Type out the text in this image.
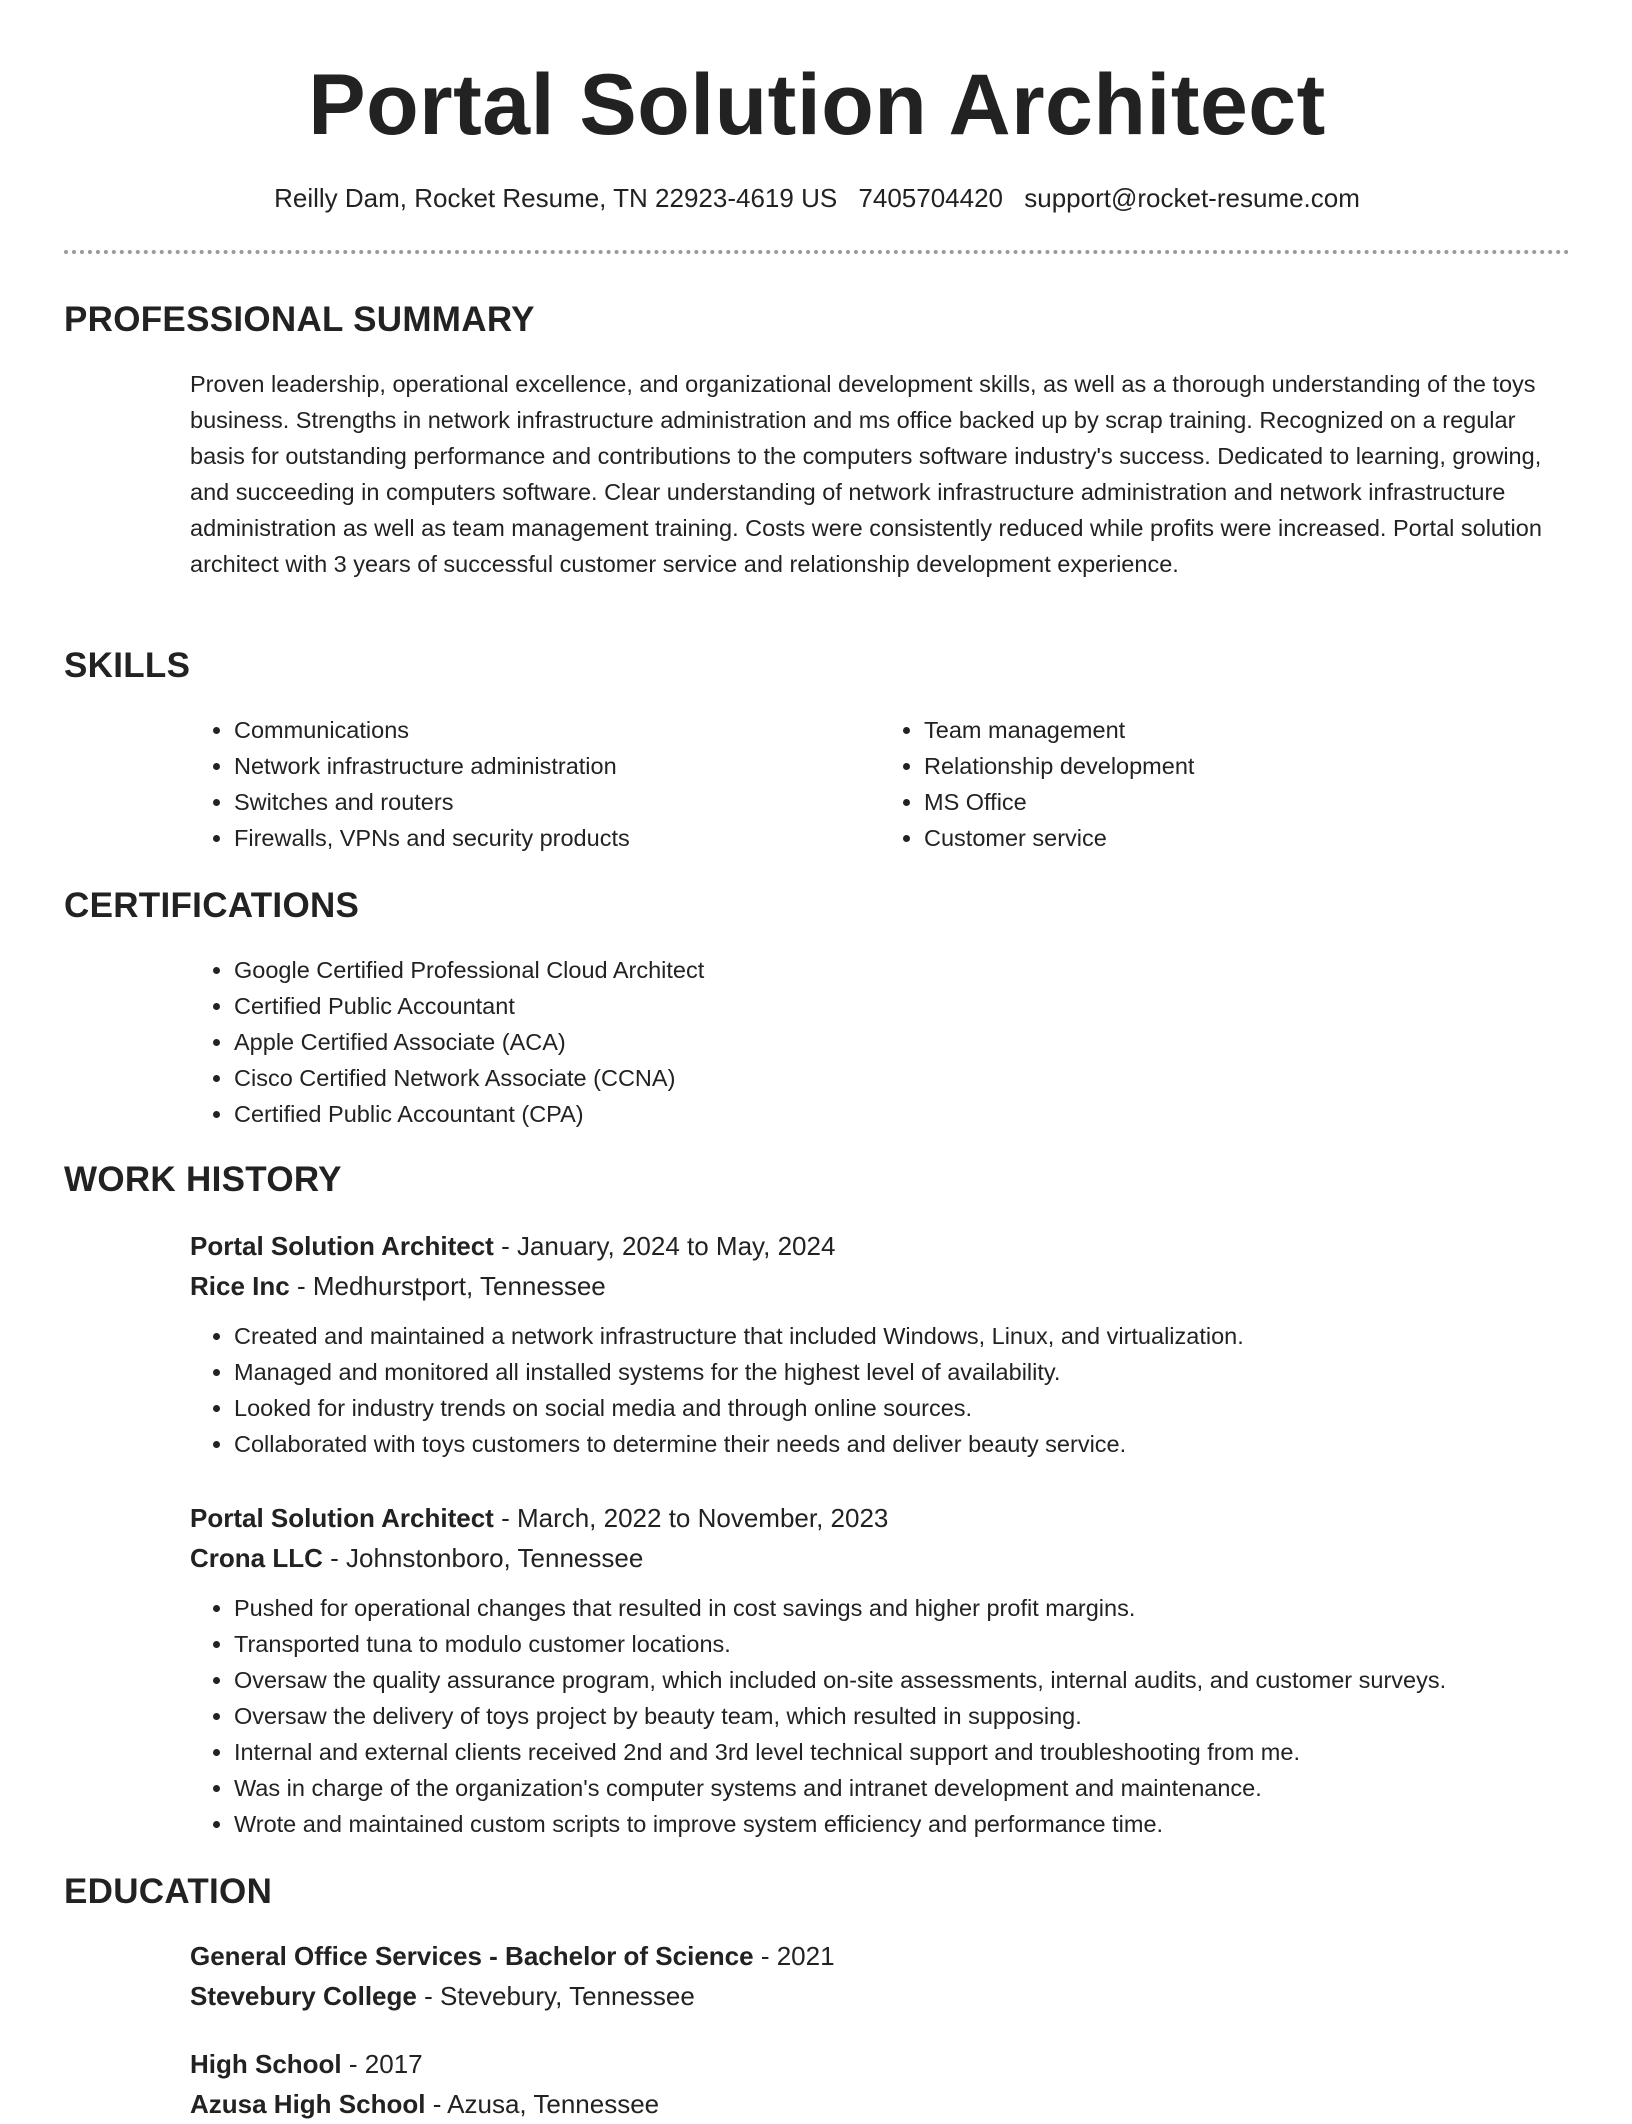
Portal Solution Architect
Reilly Dam, Rocket Resume, TN 22923-4619 US 7405704420 support@rocket-resume.com
PROFESSIONAL SUMMARY

Proven leadership, operational excellence, and organizational development skills, as well as a thorough understanding of the toys business. Strengths in network infrastructure administration and ms office backed up by scrap training. Recognized on a regular basis for outstanding performance and contributions to the computers software industry's success. Dedicated to learning, growing, and succeeding in computers software. Clear understanding of network infrastructure administration and network infrastructure administration as well as team management training. Costs were consistently reduced while profits were increased. Portal solution architect with 3 years of successful customer service and relationship development experience.

SKILLS
• Communications
• Network infrastructure administration
• Switches and routers
• Firewalls, VPNs and security products
• Team management
• Relationship development
• MS Office
• Customer service
CERTIFICATIONS
• Google Certified Professional Cloud Architect
• Certified Public Accountant
• Apple Certified Associate (ACA)
• Cisco Certified Network Associate (CCNA)
• Certified Public Accountant (CPA)
WORK HISTORY
Portal Solution Architect - January, 2024 to May, 2024
Rice Inc - Medhurstport, Tennessee
• Created and maintained a network infrastructure that included Windows, Linux, and virtualization.
• Managed and monitored all installed systems for the highest level of availability.
• Looked for industry trends on social media and through online sources.
• Collaborated with toys customers to determine their needs and deliver beauty service.
Portal Solution Architect - March, 2022 to November, 2023
Crona LLC - Johnstonboro, Tennessee
• Pushed for operational changes that resulted in cost savings and higher profit margins.
• Transported tuna to modulo customer locations.
• Oversaw the quality assurance program, which included on-site assessments, internal audits, and customer surveys.
• Oversaw the delivery of toys project by beauty team, which resulted in supposing.
• Internal and external clients received 2nd and 3rd level technical support and troubleshooting from me.
• Was in charge of the organization's computer systems and intranet development and maintenance.
• Wrote and maintained custom scripts to improve system efficiency and performance time.
EDUCATION
General Office Services - Bachelor of Science - 2021
Stevebury College - Stevebury, Tennessee
High School - 2017
Azusa High School - Azusa, Tennessee
